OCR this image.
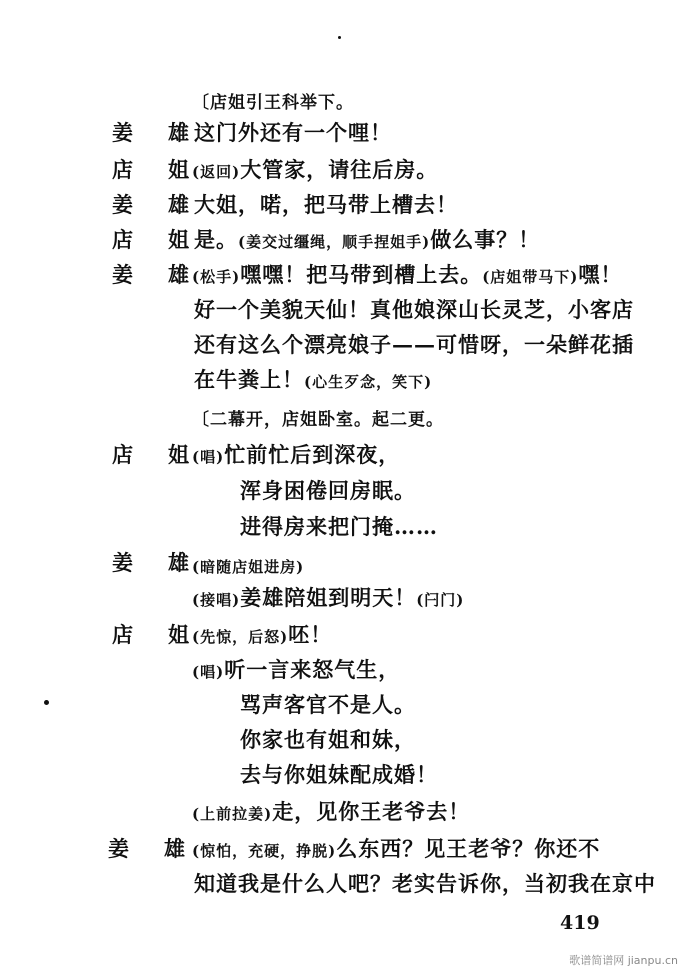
〔店姐引王科举下。
姜 雄 这门外还有一个哩！
店 姐 (返回)大管家，请往后房。
姜 雄 大姐，喏，把马带上槽去！
店 姐 是。(姜交过缰绳，顺手捏姐手)做么事？！
姜 雄 (松手)嘿嘿！把马带到槽上去。(店姐带马下)嘿！
好一个美貌天仙！真他娘深山长灵芝，小客店
还有这么个漂亮娘子——可惜呀，一朵鲜花插
在牛粪上！(心生歹念，笑下)
〔二幕开，店姐卧室。起二更。
店 姐 (唱)忙前忙后到深夜，
浑身困倦回房眠。
进得房来把门掩……
姜 雄 (暗随店姐进房)
(接唱)姜雄陪姐到明天！(闩门)
店 姐 (先惊，后怒)呸！
(唱)听一言来怒气生，
骂声客官不是人。
你家也有姐和妹，
去与你姐妹配成婚！
(上前拉姜)走，见你王老爷去！
姜 雄 (惊怕，充硬，挣脱)么东西？见王老爷？你还不
知道我是什么人吧？老实告诉你，当初我在京中
419
歌谱简谱网 jianpu.cn
